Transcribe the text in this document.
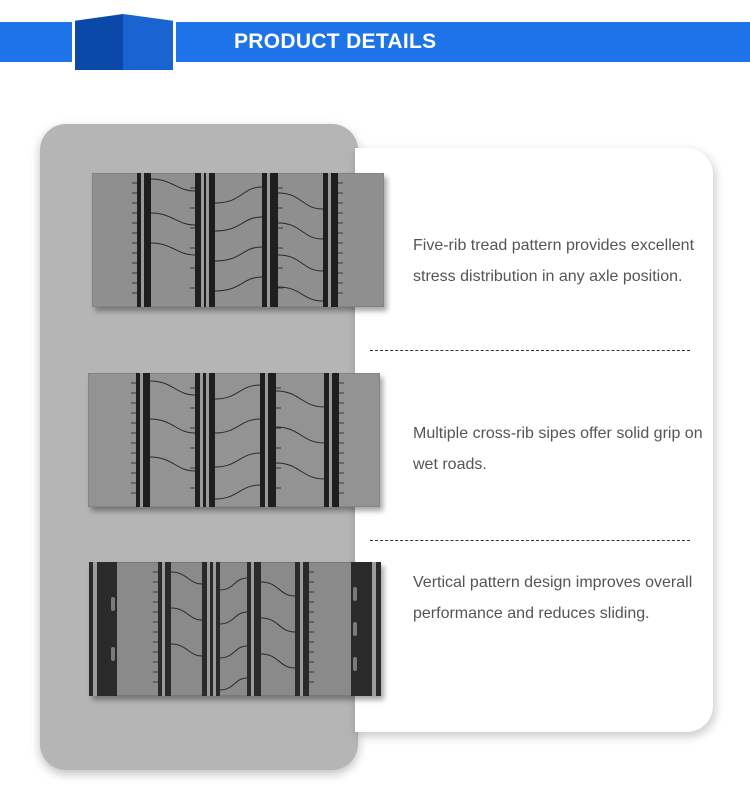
PRODUCT DETAILS
Five-rib tread pattern provides excellent stress distribution in any axle position.
Multiple cross-rib sipes offer solid grip on wet roads.
Vertical pattern design improves overall performance and reduces sliding.
